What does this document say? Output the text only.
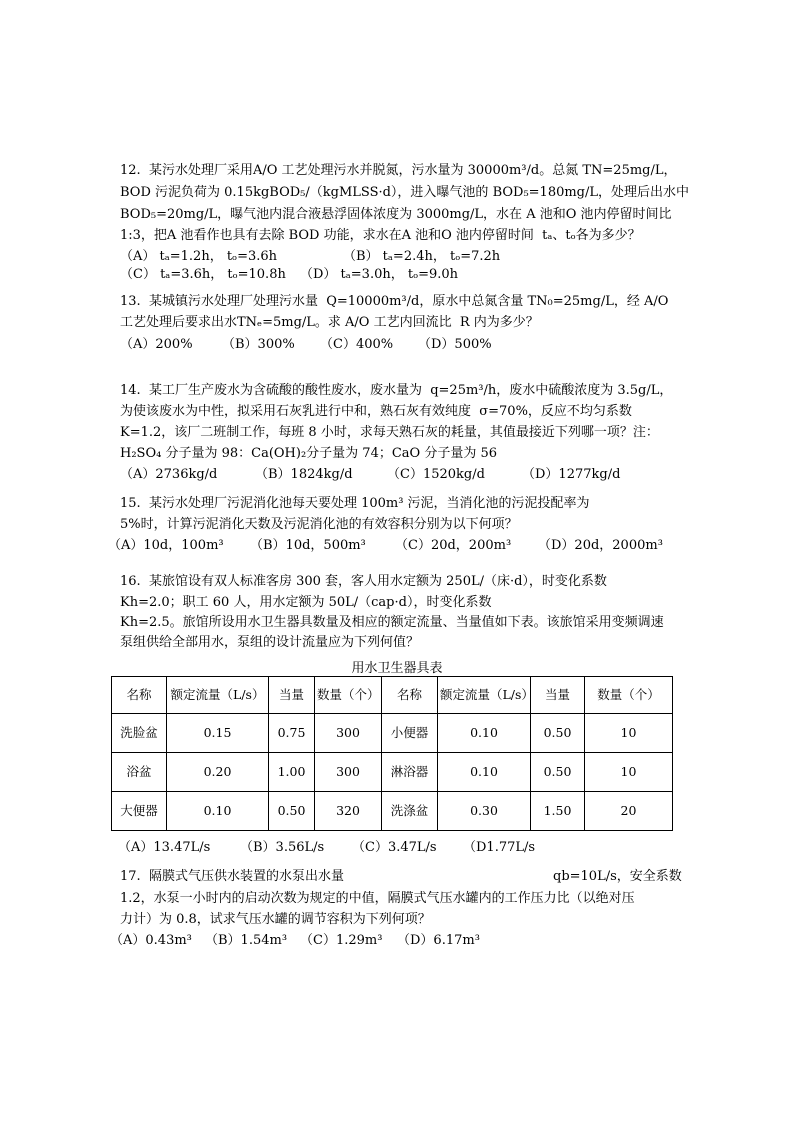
12.  某污水处理厂采用A/O 工艺处理污水并脱氮，污水量为 30000m³/d。总氮 TN=25mg/L，
BOD 污泥负荷为 0.15kgBOD₅/（kgMLSS·d），进入曝气池的 BOD₅=180mg/L，处理后出水中
BOD₅=20mg/L，曝气池内混合液悬浮固体浓度为 3000mg/L，水在 A 池和O 池内停留时间比
1:3，把A 池看作也具有去除 BOD 功能，求水在A 池和O 池内停留时间  tₐ、tₒ各为多少？
（A） tₐ=1.2h， tₒ=3.6h	（B） tₐ=2.4h， tₒ=7.2h
（C） tₐ=3.6h， tₒ=10.8h （D） tₐ=3.0h， tₒ=9.0h
13.  某城镇污水处理厂处理污水量  Q=10000m³/d，原水中总氮含量 TN₀=25mg/L，经 A/O
工艺处理后要求出水TNₑ=5mg/L。求 A/O 工艺内回流比  R 内为多少？
（A）200% （B）300% （C）400% （D）500%
14.  某工厂生产废水为含硫酸的酸性废水，废水量为  q=25m³/h，废水中硫酸浓度为 3.5g/L，
为使该废水为中性，拟采用石灰乳进行中和，熟石灰有效纯度  σ=70%，反应不均匀系数
K=1.2，该厂二班制工作，每班 8 小时，求每天熟石灰的耗量，其值最接近下列哪一项？注：
H₂SO₄ 分子量为 98：Ca(OH)₂分子量为 74；CaO 分子量为 56
（A）2736kg/d	（B）1824kg/d	（C）1520kg/d	（D）1277kg/d
15.  某污水处理厂污泥消化池每天要处理 100m³ 污泥，当消化池的污泥投配率为
5%时，计算污泥消化天数及污泥消化池的有效容积分别为以下何项？
（A）10d，100m³ （B）10d，500m³ （C）20d，200m³ （D）20d，2000m³
16.  某旅馆设有双人标准客房 300 套，客人用水定额为 250L/（床·d），时变化系数
Kh=2.0；职工 60 人，用水定额为 50L/（cap·d），时变化系数
Kh=2.5。旅馆所设用水卫生器具数量及相应的额定流量、当量值如下表。该旅馆采用变频调速
泵组供给全部用水，泵组的设计流量应为下列何值？
用水卫生器具表
名称	额定流量（L/s）	当量	数量（个）	名称	额定流量（L/s）	当量	数量（个）
洗脸盆	0.15	0.75	300	小便器	0.10	0.50	10
浴盆	0.20	1.00	300	淋浴器	0.10	0.50	10
大便器	0.10	0.50	320	洗涤盆	0.30	1.50	20
（A）13.47L/s （B）3.56L/s （C）3.47L/s （D1.77L/s
17.  隔膜式气压供水装置的水泵出水量	qb=10L/s，安全系数
1.2，水泵一小时内的启动次数为规定的中值，隔膜式气压水罐内的工作压力比（以绝对压
力计）为 0.8，试求气压水罐的调节容积为下列何项？
（A）0.43m³ （B）1.54m³ （C）1.29m³ （D）6.17m³
